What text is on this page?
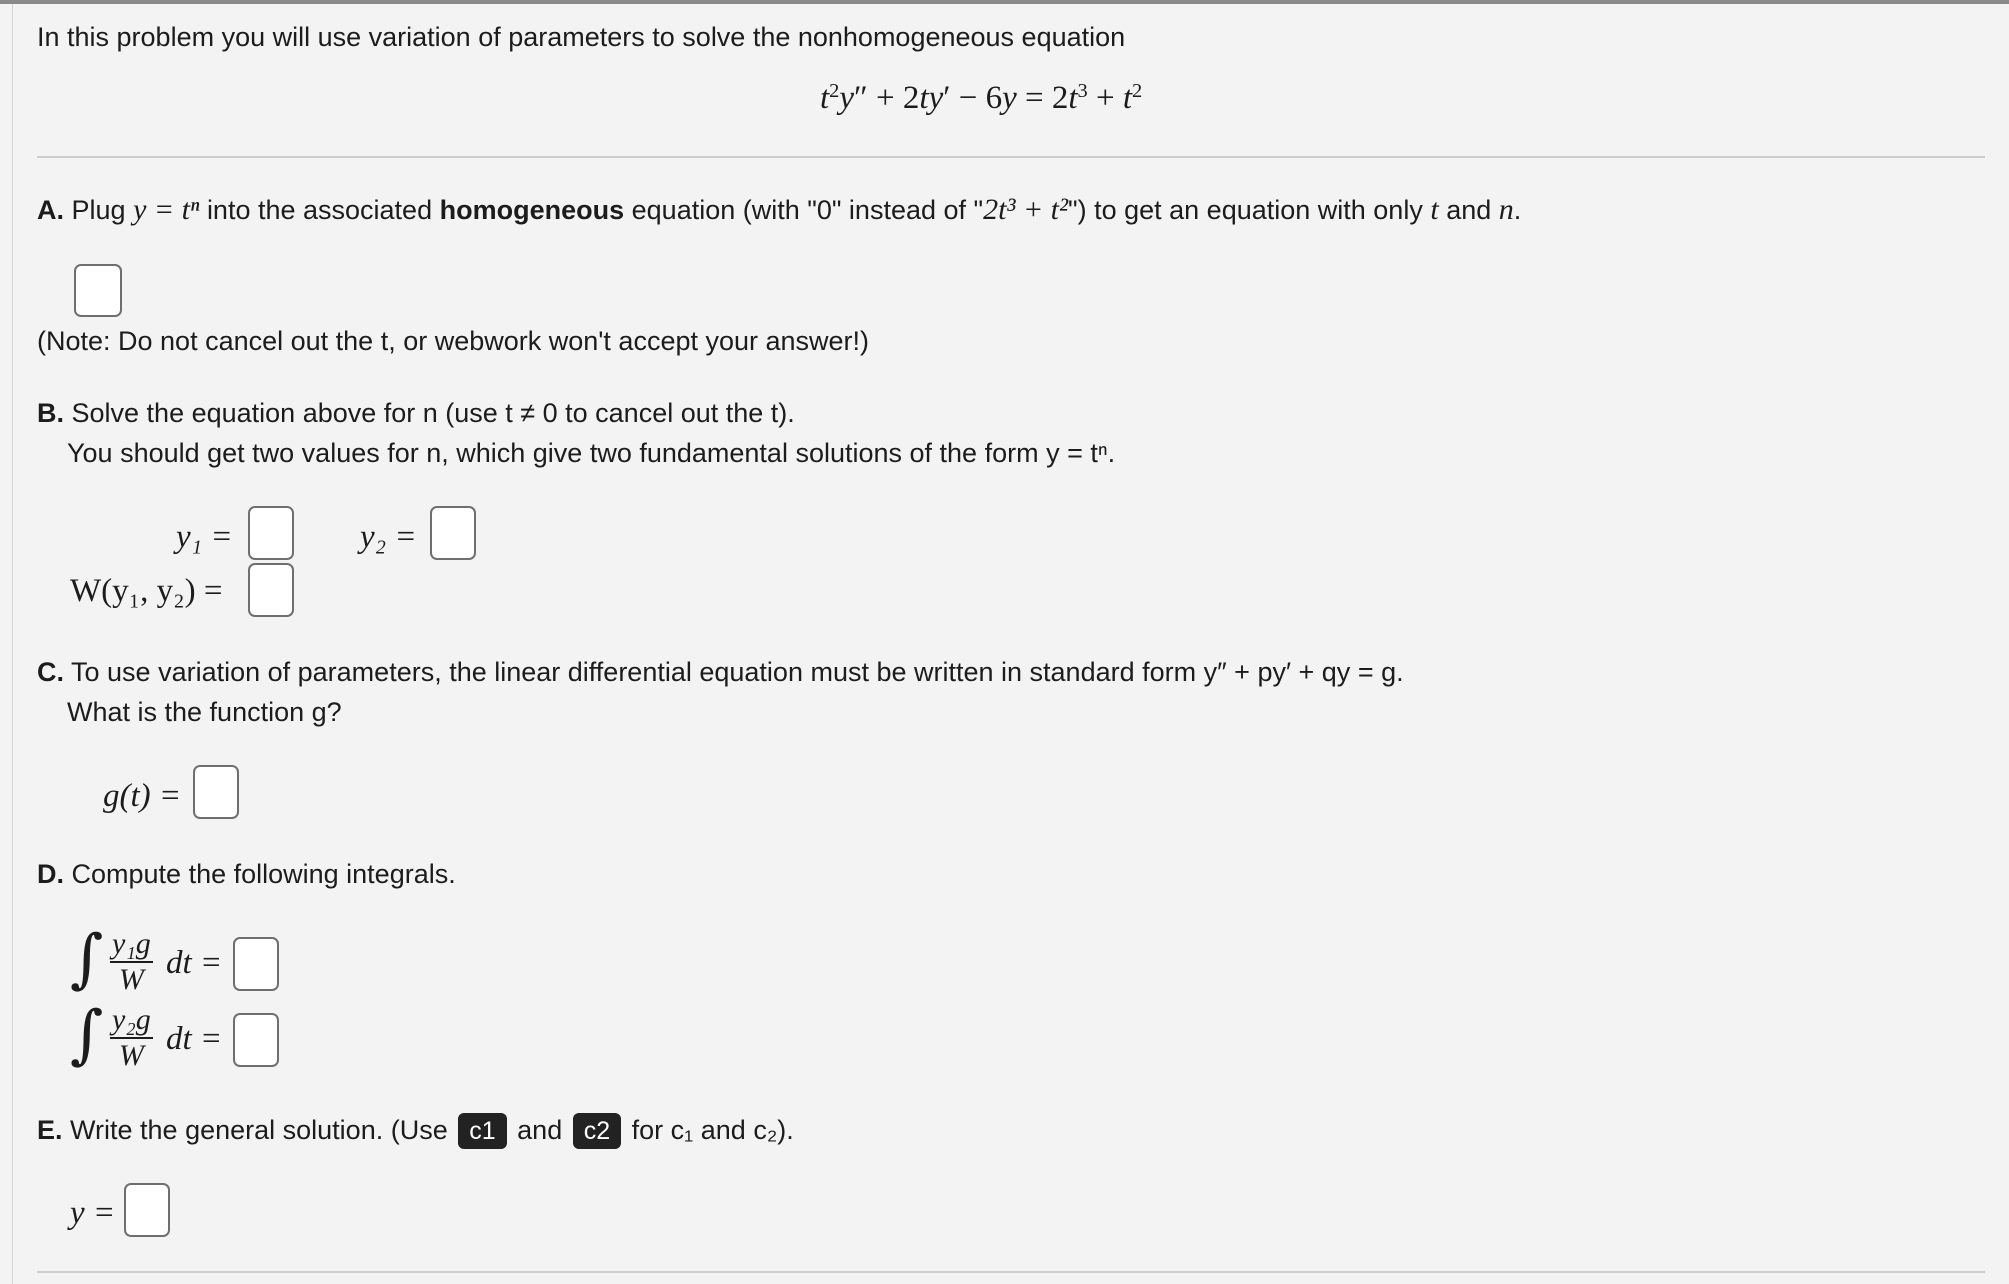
In this problem you will use variation of parameters to solve the nonhomogeneous equation
$t^2y'' + 2ty' - 6y = 2t^3 + t^2$
A. Plug y = tⁿ into the associated homogeneous equation (with "0" instead of "2t³ + t²") to get an equation with only t and n.
(Note: Do not cancel out the t, or webwork won't accept your answer!)
B. Solve the equation above for n (use t ≠ 0 to cancel out the t).
You should get two values for n, which give two fundamental solutions of the form y = tⁿ.
y₁ =	y₂ =
W(y₁, y₂) =
C. To use variation of parameters, the linear differential equation must be written in standard form y″ + py′ + qy = g.
What is the function g?
g(t) =
D. Compute the following integrals.
∫ $\frac{\text{y₁g}}{W}$ dt =
∫ $\frac{\text{y₂g}}{W}$ dt =
E. Write the general solution. (Use c1 and c2 for c₁ and c₂).
y =
